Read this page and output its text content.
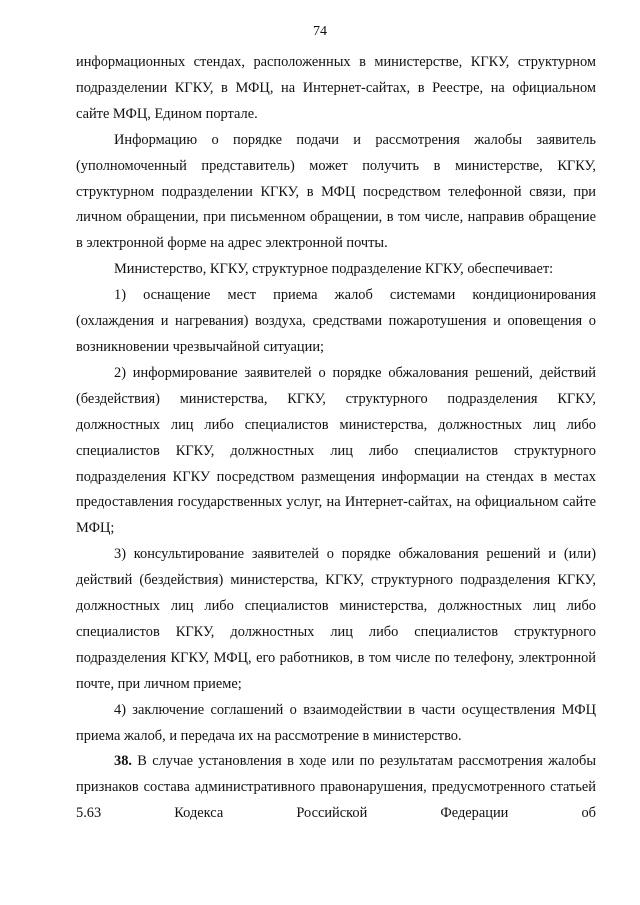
74

информационных стендах, расположенных в министерстве, КГКУ, структурном подразделении КГКУ, в МФЦ, на Интернет-сайтах, в Реестре, на официальном сайте МФЦ, Едином портале.

Информацию о порядке подачи и рассмотрения жалобы заявитель (уполномоченный представитель) может получить в министерстве, КГКУ, структурном подразделении КГКУ, в МФЦ посредством телефонной связи, при личном обращении, при письменном обращении, в том числе, направив обращение в электронной форме на адрес электронной почты.

Министерство, КГКУ, структурное подразделение КГКУ, обеспечивает:

1) оснащение мест приема жалоб системами кондиционирования (охлаждения и нагревания) воздуха, средствами пожаротушения и оповещения о возникновении чрезвычайной ситуации;

2) информирование заявителей о порядке обжалования решений, действий (бездействия) министерства, КГКУ, структурного подразделения КГКУ, должностных лиц либо специалистов министерства, должностных лиц либо специалистов КГКУ, должностных лиц либо специалистов структурного подразделения КГКУ посредством размещения информации на стендах в местах предоставления государственных услуг, на Интернет-сайтах, на официальном сайте МФЦ;

3) консультирование заявителей о порядке обжалования решений и (или) действий (бездействия) министерства, КГКУ, структурного подразделения КГКУ, должностных лиц либо специалистов министерства, должностных лиц либо специалистов КГКУ, должностных лиц либо специалистов структурного подразделения КГКУ, МФЦ, его работников, в том числе по телефону, электронной почте, при личном приеме;

4) заключение соглашений о взаимодействии в части осуществления МФЦ приема жалоб, и передача их на рассмотрение в министерство.

38. В случае установления в ходе или по результатам рассмотрения жалобы признаков состава административного правонарушения, предусмотренного статьей 5.63 Кодекса Российской Федерации об
